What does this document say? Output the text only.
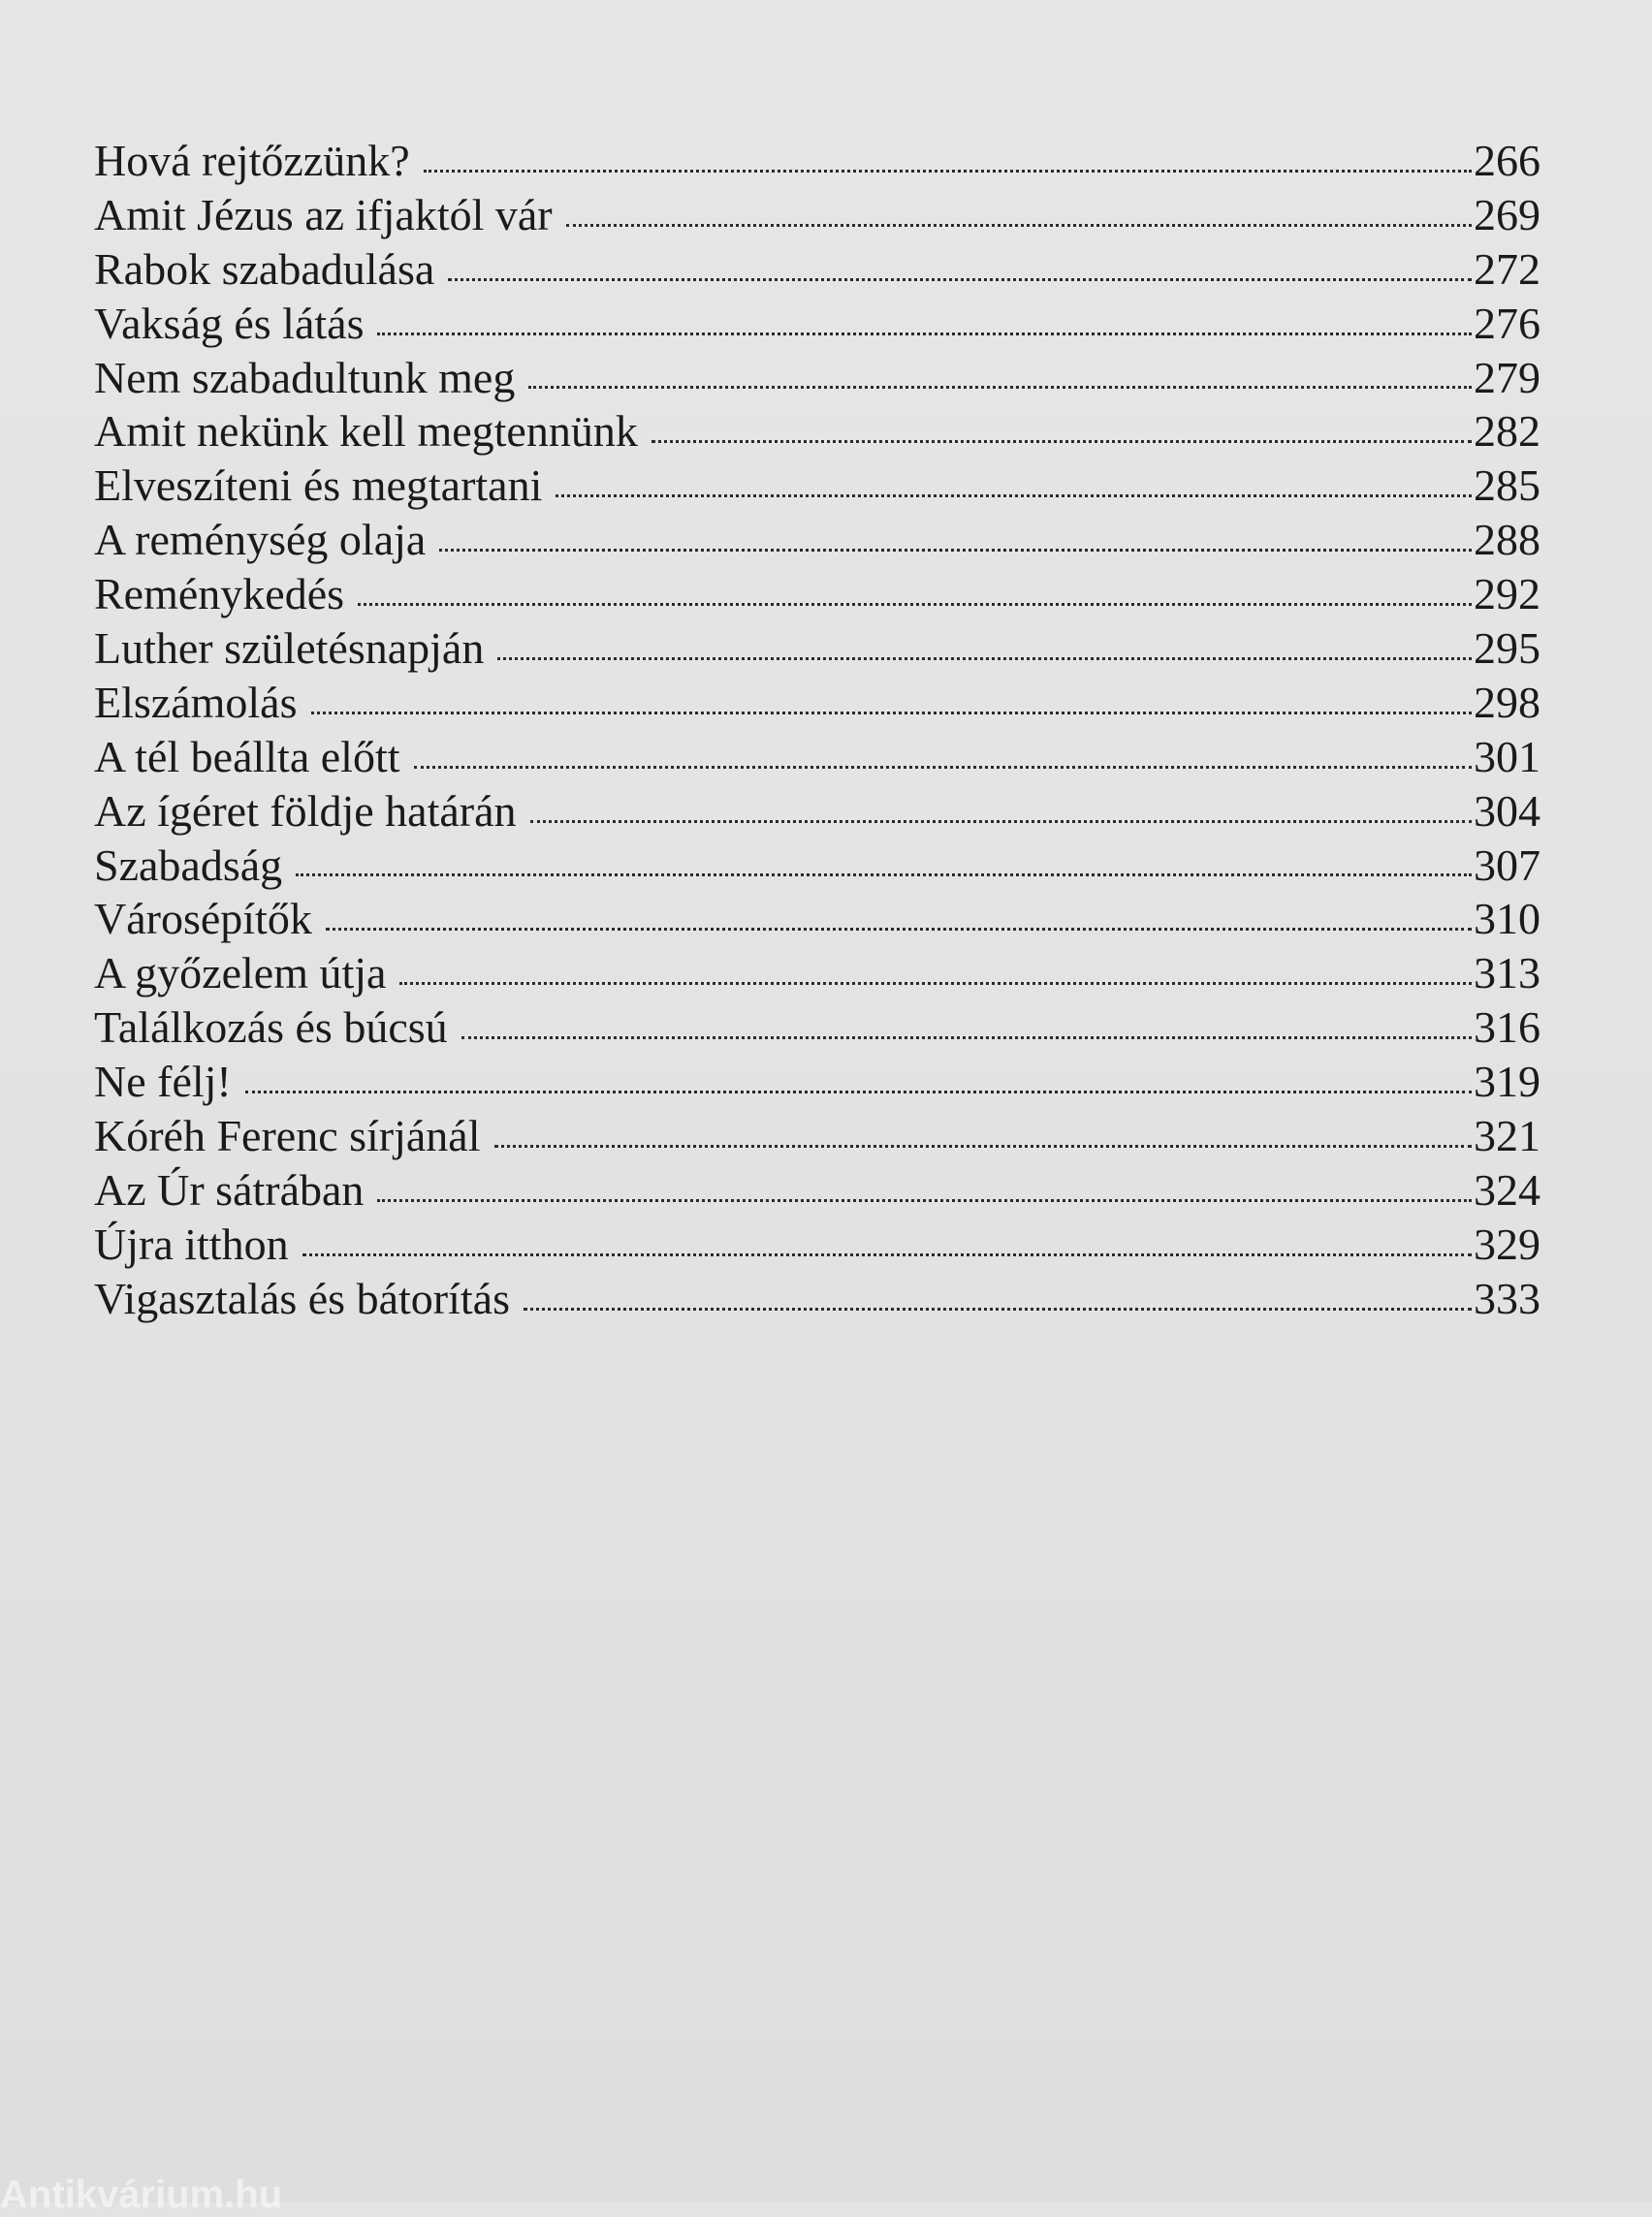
Hová rejtőzzünk?	266
Amit Jézus az ifjaktól vár	269
Rabok szabadulása	272
Vakság és látás	276
Nem szabadultunk meg	279
Amit nekünk kell megtennünk	282
Elveszíteni és megtartani	285
A reménység olaja	288
Reménykedés	292
Luther születésnapján	295
Elszámolás	298
A tél beállta előtt	301
Az ígéret földje határán	304
Szabadság	307
Városépítők	310
A győzelem útja	313
Találkozás és búcsú	316
Ne félj!	319
Kóréh Ferenc sírjánál	321
Az Úr sátrában	324
Újra itthon	329
Vigasztalás és bátorítás	333
Antikvárium.hu
